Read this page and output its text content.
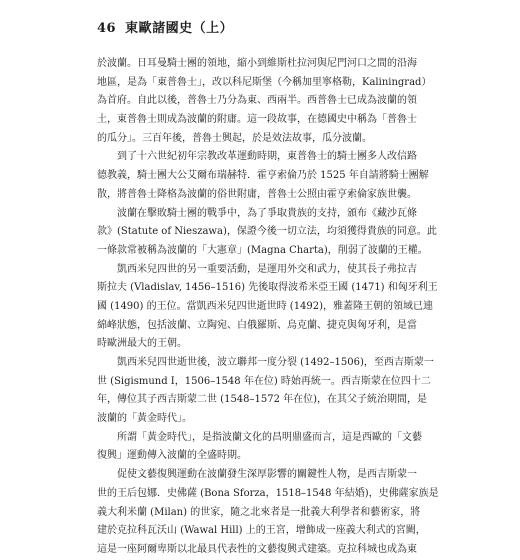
46 東歐諸國史（上）
於波蘭。日耳曼騎士團的領地，縮小到維斯杜拉河與尼門河口之間的沿海
地區，是為「東普魯士」，改以科尼斯堡（今稱加里寧格勒，Kaliningrad）
為首府。自此以後，普魯士乃分為東、西兩半。西普魯士已成為波蘭的領
土，東普魯士則成為波蘭的附庸。這一段故事，在德國史中稱為「普魯士
的瓜分」。三百年後，普魯士興起，於是效法故事，瓜分波蘭。
　　到了十六世紀初年宗教改革運動時期，東普魯士的騎士團多人改信路
德教義，騎士團大公艾爾布瑞赫特．霍亨索倫乃於 1525 年自請將騎士團解
散，將普魯士降格為波蘭的俗世附庸，普魯士公照由霍亨索倫家族世襲。
　　波蘭在擊敗騎士團的戰爭中，為了爭取貴族的支持，頒布《藏沙瓦條
款》(Statute of Nieszawa)，保證今後一切立法，均須獲得貴族的同意。此
一條款常被稱為波蘭的「大憲章」(Magna Charta)，削弱了波蘭的王權。
　　凱西米兒四世的另一重要活動，是運用外交和武力，使其長子弗拉吉
斯拉夫 (Vladislav, 1456–1516) 先後取得波希米亞王國 (1471) 和匈牙利王
國 (1490) 的王位。當凱西米兒四世逝世時 (1492)，雅蓋隆王朝的領域已連
綿峰狀態，包括波蘭、立陶宛、白俄羅斯、烏克蘭、捷克與匈牙利，是當
時歐洲最大的王朝。
　　凱西米兒四世逝世後，波立聯邦一度分裂 (1492–1506)，至西吉斯蒙一
世 (Sigismund I，1506–1548 年在位) 時始再統一。西吉斯蒙在位四十二
年，傳位其子西吉斯蒙二世 (1548–1572 年在位)，在其父子統治期間，是
波蘭的「黃金時代」。
　　所謂「黃金時代」，是指波蘭文化的昌明鼎盛而言，這是西歐的「文藝
復興」運動傳入波蘭的全盛時期。
　　促使文藝復興運動在波蘭發生深厚影響的關鍵性人物，是西吉斯蒙一
世的王后包娜．史佛薩 (Bona Sforza，1518–1548 年結婚)，史佛薩家族是
義大利米蘭 (Milan) 的世家，隨之北來者是一批義大利學者和藝術家，將
建於克拉科瓦沃山 (Wawal Hill) 上的王宮，增飾成一座義大利式的宮闕，
這是一座阿爾卑斯以北最具代表性的文藝復興式建築。克拉科城也成為東
